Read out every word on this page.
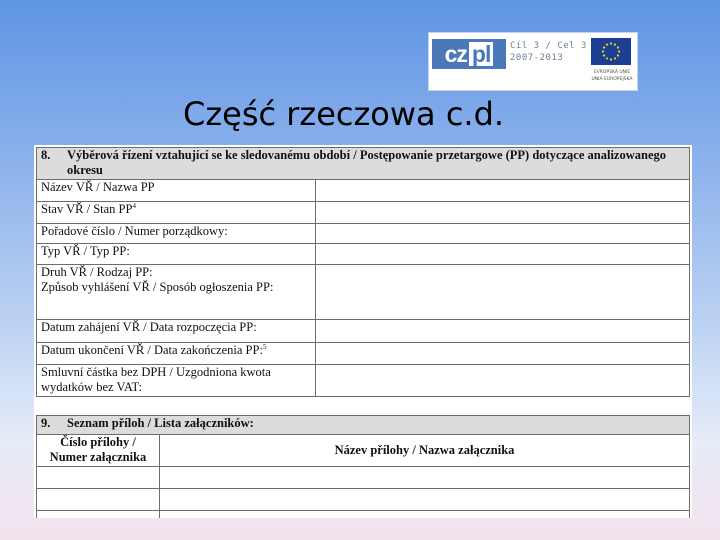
cz pl	Cíl 3 / Cel 3
2007-2013
EVROPSKÁ UNIE
UNIA EUROPEJSKA
Część rzeczowa c.d.
8. Výběrová řízení vztahující se ke sledovanému období / Postępowanie przetargowe (PP) dotyczące analizowanego okresu	
Název VŘ / Nazwa PP	
Stav VŘ / Stan $PP^4$	
Pořadové číslo / Numer porządkowy:	
Typ VŘ / Typ PP:	

Druh VŘ / Rodzaj PP:
Způsob vyhlášení VŘ / Sposób ogłoszenia PP:	

Datum zahájení VŘ / Data rozpoczęcia PP:	
Datum ukončení VŘ / Data zakończenia PP:$^5$	
Smluvní částka bez DPH / Uzgodniona kwota wydatków bez VAT:	
9. Seznam příloh / Lista załączników:	
Číslo přílohy / Numer załącznika	Název přílohy / Nazwa załącznika
